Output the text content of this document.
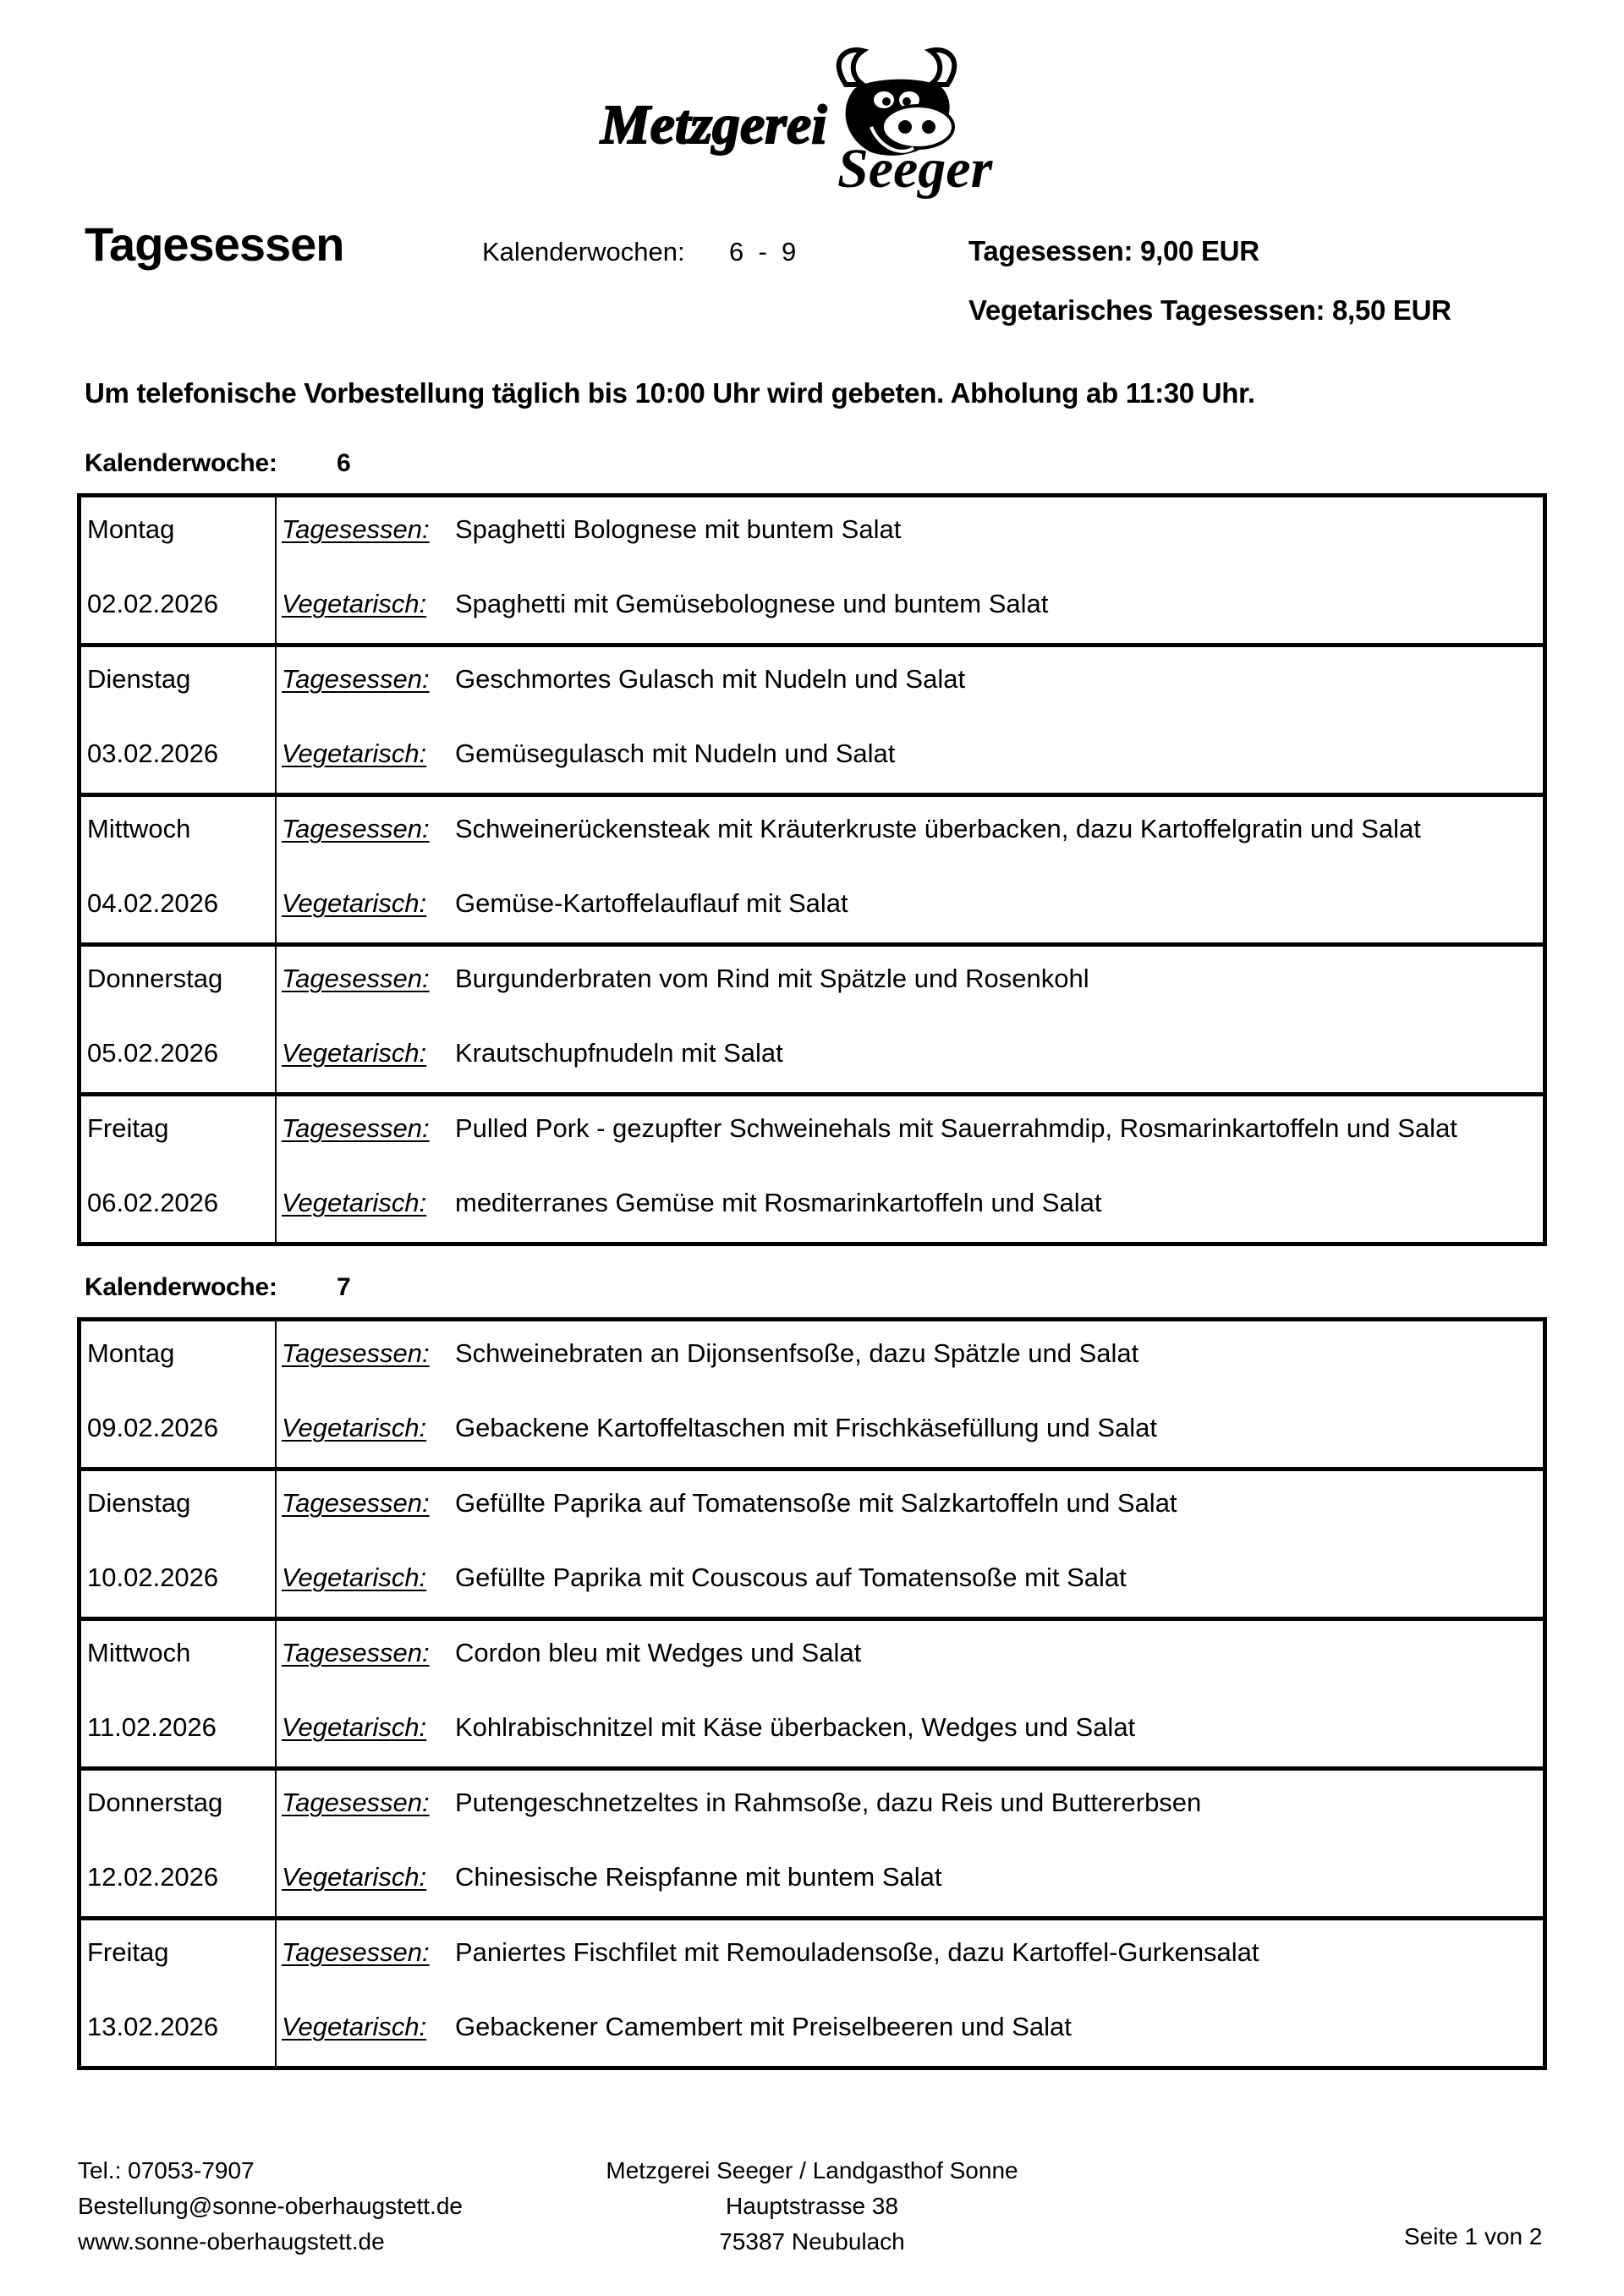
Metzgerei
Seeger
Tagesessen	Kalenderwochen: 6  -  9	Tagesessen: 9,00 EUR
Vegetarisches Tagesessen: 8,50 EUR
Um telefonische Vorbestellung täglich bis 10:00 Uhr wird gebeten. Abholung ab 11:30 Uhr.
Kalenderwoche: 6
Montag
02.02.2026	Tagesessen: Spaghetti Bolognese mit buntem Salat
Vegetarisch: Spaghetti mit Gemüsebolognese und buntem Salat

Dienstag
03.02.2026	Tagesessen: Geschmortes Gulasch mit Nudeln und Salat
Vegetarisch: Gemüsegulasch mit Nudeln und Salat

Mittwoch
04.02.2026	Tagesessen: Schweinerückensteak mit Kräuterkruste überbacken, dazu Kartoffelgratin und Salat
Vegetarisch: Gemüse-Kartoffelauflauf mit Salat

Donnerstag
05.02.2026	Tagesessen: Burgunderbraten vom Rind mit Spätzle und Rosenkohl
Vegetarisch: Krautschupfnudeln mit Salat

Freitag
06.02.2026	Tagesessen: Pulled Pork - gezupfter Schweinehals mit Sauerrahmdip, Rosmarinkartoffeln und Salat
Vegetarisch: mediterranes Gemüse mit Rosmarinkartoffeln und Salat
Kalenderwoche: 7
Montag
09.02.2026	Tagesessen: Schweinebraten an Dijonsenfsoße, dazu Spätzle und Salat
Vegetarisch: Gebackene Kartoffeltaschen mit Frischkäsefüllung und Salat

Dienstag
10.02.2026	Tagesessen: Gefüllte Paprika auf Tomatensoße mit Salzkartoffeln und Salat
Vegetarisch: Gefüllte Paprika mit Couscous auf Tomatensoße mit Salat

Mittwoch
11.02.2026	Tagesessen: Cordon bleu mit Wedges und Salat
Vegetarisch: Kohlrabischnitzel mit Käse überbacken, Wedges und Salat

Donnerstag
12.02.2026	Tagesessen: Putengeschnetzeltes in Rahmsoße, dazu Reis und Buttererbsen
Vegetarisch: Chinesische Reispfanne mit buntem Salat

Freitag
13.02.2026	Tagesessen: Paniertes Fischfilet mit Remouladensoße, dazu Kartoffel-Gurkensalat
Vegetarisch: Gebackener Camembert mit Preiselbeeren und Salat
Tel.: 07053-7907
Bestellung@sonne-oberhaugstett.de
www.sonne-oberhaugstett.de
Metzgerei Seeger / Landgasthof Sonne
Hauptstrasse 38
75387 Neubulach	Seite 1 von 2
